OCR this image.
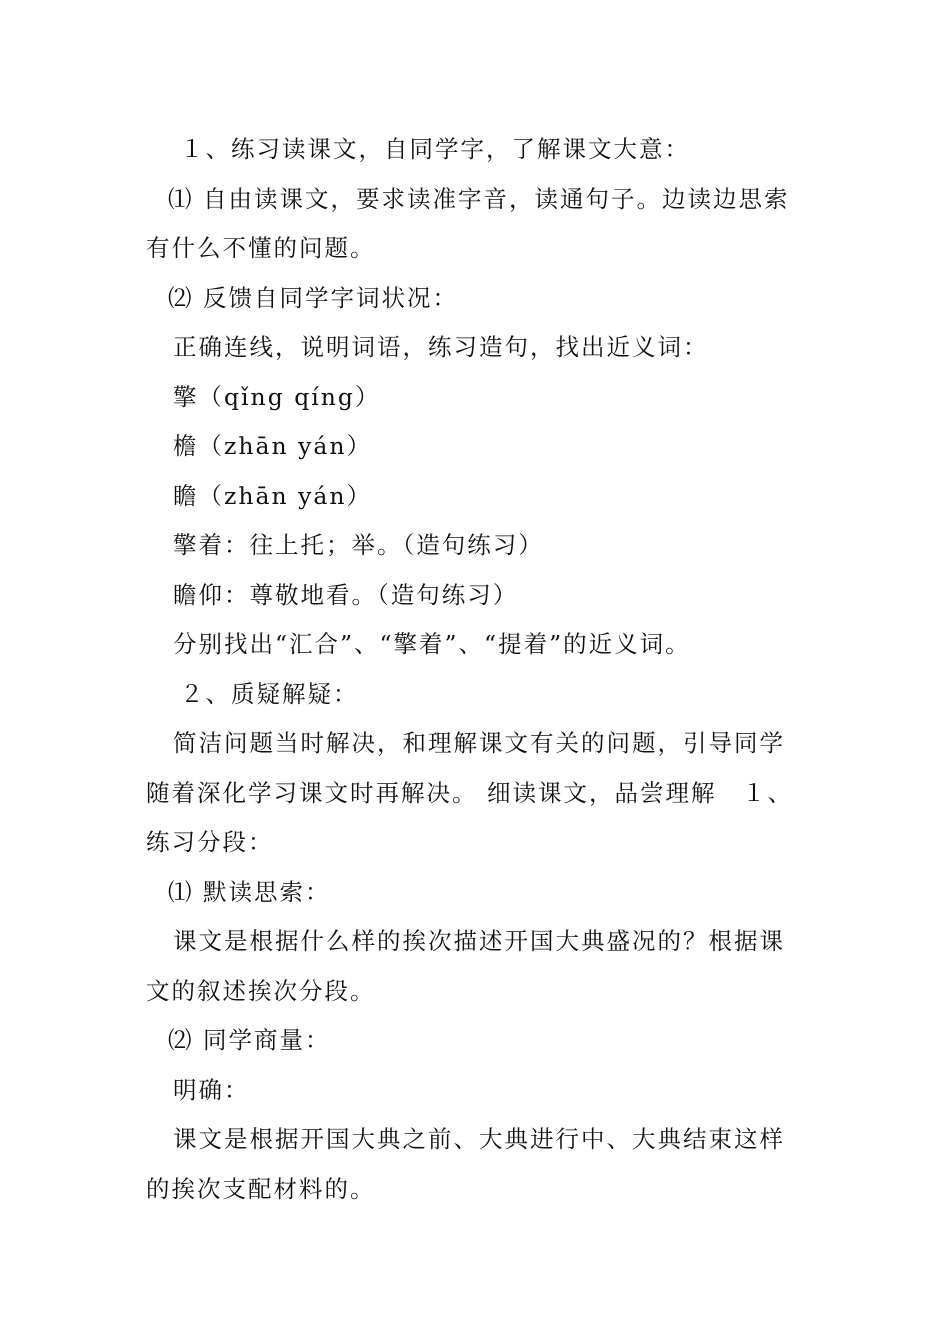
１、练习读课文，自同学字，了解课文大意：

⑴ 自由读课文，要求读准字音，读通句子。边读边思索有什么不懂的问题。

⑵ 反馈自同学字词状况：

正确连线，说明词语，练习造句，找出近义词：

擎（qǐng qíng）

檐（zhān yán）

瞻（zhān yán）

擎着：往上托；举。（造句练习）

瞻仰：尊敬地看。（造句练习）

分别找出“汇合”、“擎着”、“提着”的近义词。

２、质疑解疑：

简洁问题当时解决，和理解课文有关的问题，引导同学随着深化学习课文时再解决。 细读课文，品尝理解　１、练习分段：

⑴ 默读思索：

课文是根据什么样的挨次描述开国大典盛况的？根据课文的叙述挨次分段。

⑵ 同学商量：

明确：

课文是根据开国大典之前、大典进行中、大典结束这样的挨次支配材料的。
